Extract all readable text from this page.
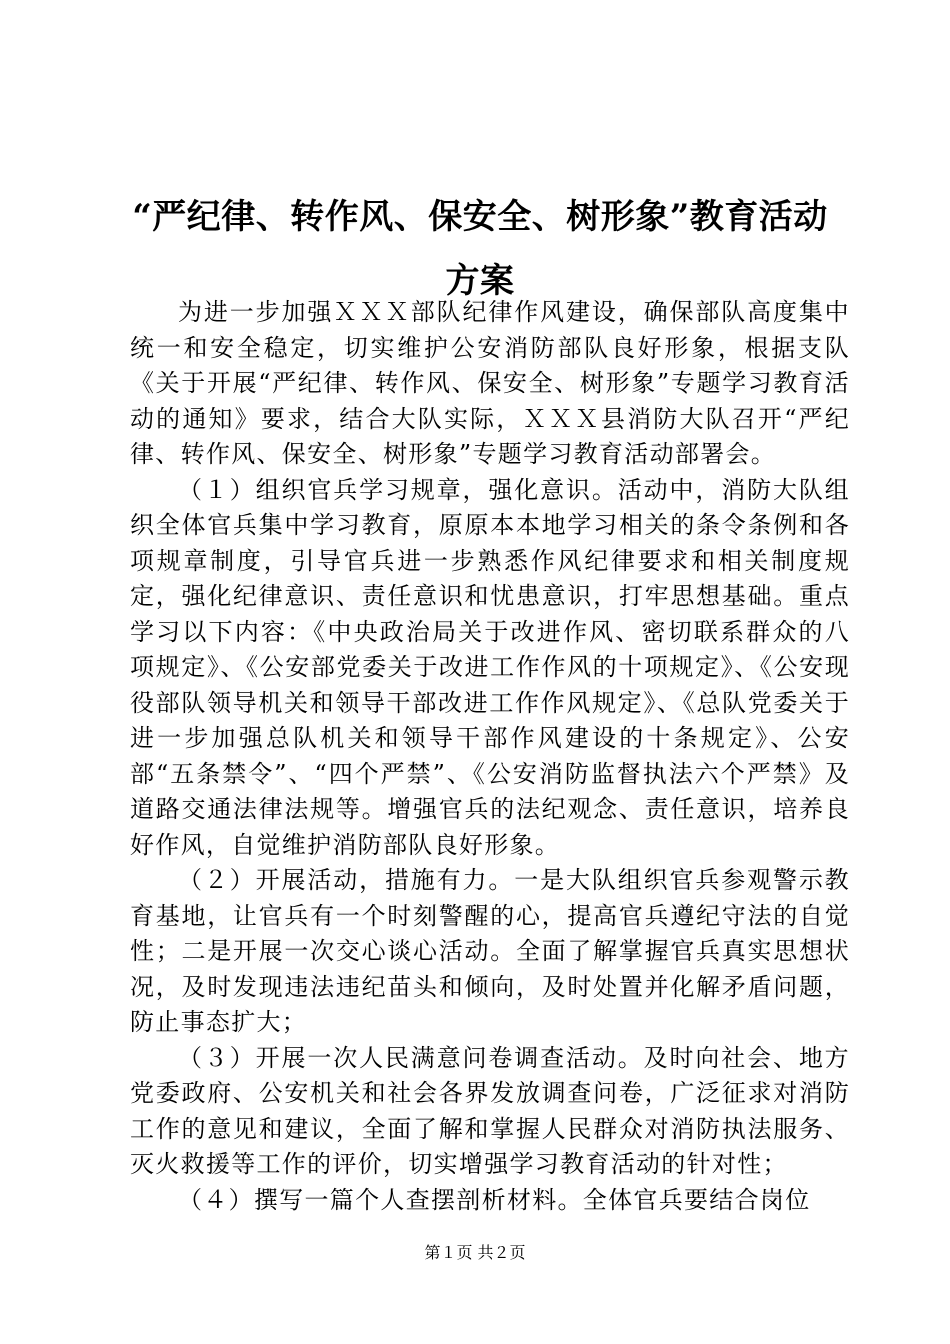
“严纪律、转作风、保安全、树形象”教育活动方案

为进一步加强ＸＸＸ部队纪律作风建设，确保部队高度集中统一和安全稳定，切实维护公安消防部队良好形象，根据支队《关于开展“严纪律、转作风、保安全、树形象”专题学习教育活动的通知》要求，结合大队实际，ＸＸＸ县消防大队召开“严纪律、转作风、保安全、树形象”专题学习教育活动部署会。

（１）组织官兵学习规章，强化意识。活动中，消防大队组织全体官兵集中学习教育，原原本本地学习相关的条令条例和各项规章制度，引导官兵进一步熟悉作风纪律要求和相关制度规定，强化纪律意识、责任意识和忧患意识，打牢思想基础。重点学习以下内容：《中央政治局关于改进作风、密切联系群众的八项规定》、《公安部党委关于改进工作作风的十项规定》、《公安现役部队领导机关和领导干部改进工作作风规定》、《总队党委关于进一步加强总队机关和领导干部作风建设的十条规定》、公安部“五条禁令”、“四个严禁”、《公安消防监督执法六个严禁》及道路交通法律法规等。增强官兵的法纪观念、责任意识，培养良好作风，自觉维护消防部队良好形象。

（２）开展活动，措施有力。一是大队组织官兵参观警示教育基地，让官兵有一个时刻警醒的心，提高官兵遵纪守法的自觉性；二是开展一次交心谈心活动。全面了解掌握官兵真实思想状况，及时发现违法违纪苗头和倾向，及时处置并化解矛盾问题，防止事态扩大；

（３）开展一次人民满意问卷调查活动。及时向社会、地方党委政府、公安机关和社会各界发放调查问卷，广泛征求对消防工作的意见和建议，全面了解和掌握人民群众对消防执法服务、灭火救援等工作的评价，切实增强学习教育活动的针对性；

（４）撰写一篇个人查摆剖析材料。全体官兵要结合岗位

第１页 共２页
